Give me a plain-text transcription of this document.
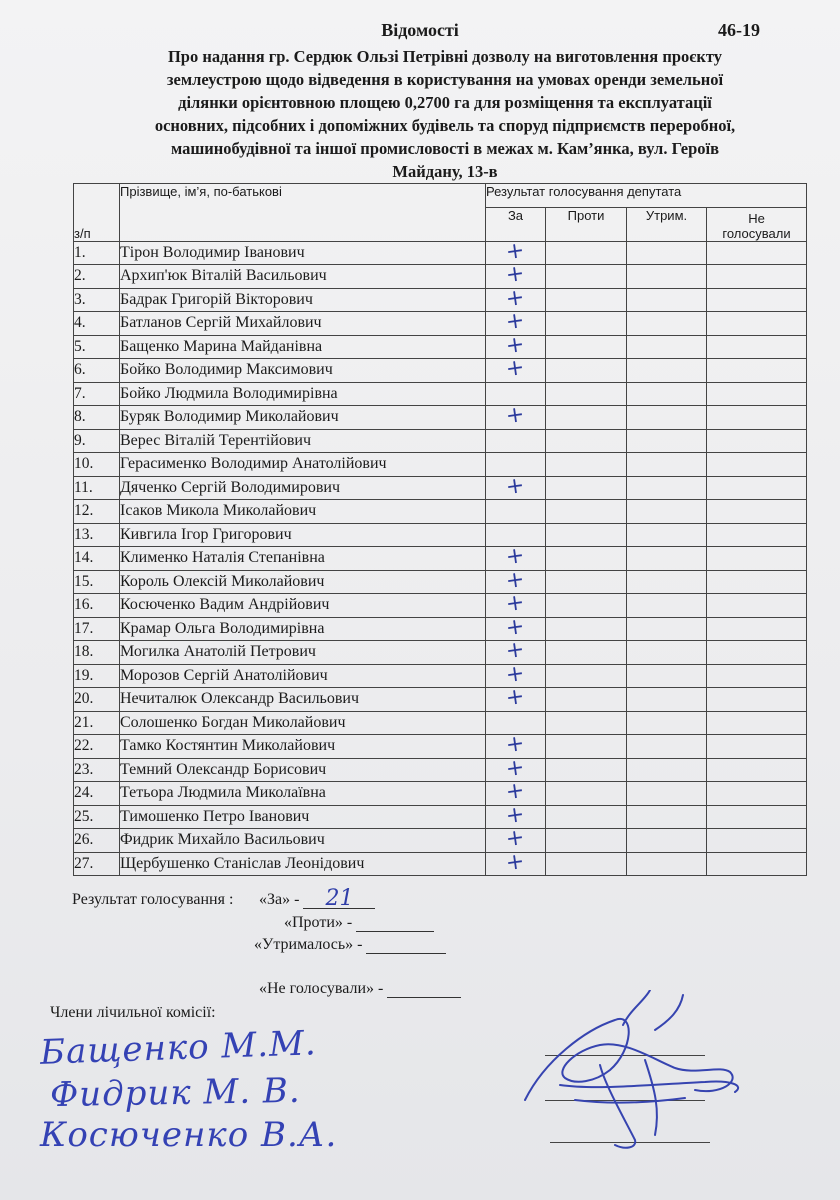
Відомості	46-19
Про надання гр. Сердюк Ользі Петрівні дозволу на виготовлення проєкту
землеустрою щодо відведення в користування на умовах оренди земельної
ділянки орієнтовною площею 0,2700 га для розміщення та експлуатації
основних, підсобних і допоміжних будівель та споруд підприємств переробної,
машинобудівної та іншої промисловості в межах м. Кам’янка, вул. Героїв
Майдану, 13-в
з/п	Прізвище, ім’я, по-батькові	Результат голосування депутата			
		За	Проти	Утрим.	Не
голосували

1.	Тірон Володимир Іванович	+			
2.	Архип'юк Віталій Васильович	+			
3.	Бадрак Григорій Вікторович	+			
4.	Батланов Сергій Михайлович	+			
5.	Бащенко Марина Майданівна	+			
6.	Бойко Володимир Максимович	+			
7.	Бойко Людмила Володимирівна				
8.	Буряк Володимир Миколайович	+			
9.	Верес Віталій Терентійович				
10.	Герасименко Володимир Анатолійович				
11.	Дяченко Сергій Володимирович	+			
12.	Ісаков Микола Миколайович				
13.	Кивгила Ігор Григорович				
14.	Клименко Наталія Степанівна	+			
15.	Король Олексій Миколайович	+			
16.	Косюченко Вадим Андрійович	+			
17.	Крамар Ольга Володимирівна	+			
18.	Могилка Анатолій Петрович	+			
19.	Морозов Сергій Анатолійович	+			
20.	Нечиталюк Олександр Васильович	+			
21.	Солошенко Богдан Миколайович				
22.	Тамко Костянтин Миколайович	+			
23.	Темний Олександр Борисович	+			
24.	Тетьора Людмила Миколаївна	+			
25.	Тимошенко Петро Іванович	+			
26.	Фидрик Михайло Васильович	+			
27.	Щербушенко Станіслав Леонідович	+			
Результат голосування : «За» - 21
«Проти» -
«Утрималось» -
«Не голосували» -
Члени лічильної комісії:
Бащенко М.М.
Фидрик М. В.
Косюченко В.А.
